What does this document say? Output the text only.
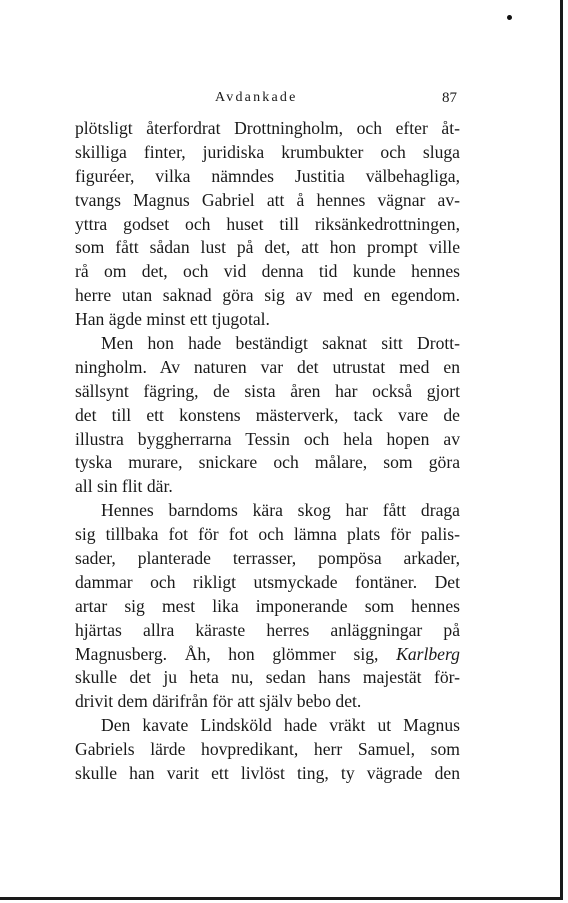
Avdankade	87
plötsligt återfordrat Drottningholm, och efter åt-
skilliga finter, juridiska krumbukter och sluga
figuréer, vilka nämndes Justitia välbehagliga,
tvangs Magnus Gabriel att å hennes vägnar av-
yttra godset och huset till riksänkedrottningen,
som fått sådan lust på det, att hon prompt ville
rå om det, och vid denna tid kunde hennes
herre utan saknad göra sig av med en egendom.
Han ägde minst ett tjugotal.
Men hon hade beständigt saknat sitt Drott-
ningholm. Av naturen var det utrustat med en
sällsynt fägring, de sista åren har också gjort
det till ett konstens mästerverk, tack vare de
illustra byggherrarna Tessin och hela hopen av
tyska murare, snickare och målare, som göra
all sin flit där.
Hennes barndoms kära skog har fått draga
sig tillbaka fot för fot och lämna plats för palis-
sader, planterade terrasser, pompösa arkader,
dammar och rikligt utsmyckade fontäner. Det
artar sig mest lika imponerande som hennes
hjärtas allra käraste herres anläggningar på
Magnusberg. Åh, hon glömmer sig, Karlberg
skulle det ju heta nu, sedan hans majestät för-
drivit dem därifrån för att själv bebo det.
Den kavate Lindsköld hade vräkt ut Magnus
Gabriels lärde hovpredikant, herr Samuel, som
skulle han varit ett livlöst ting, ty vägrade den
